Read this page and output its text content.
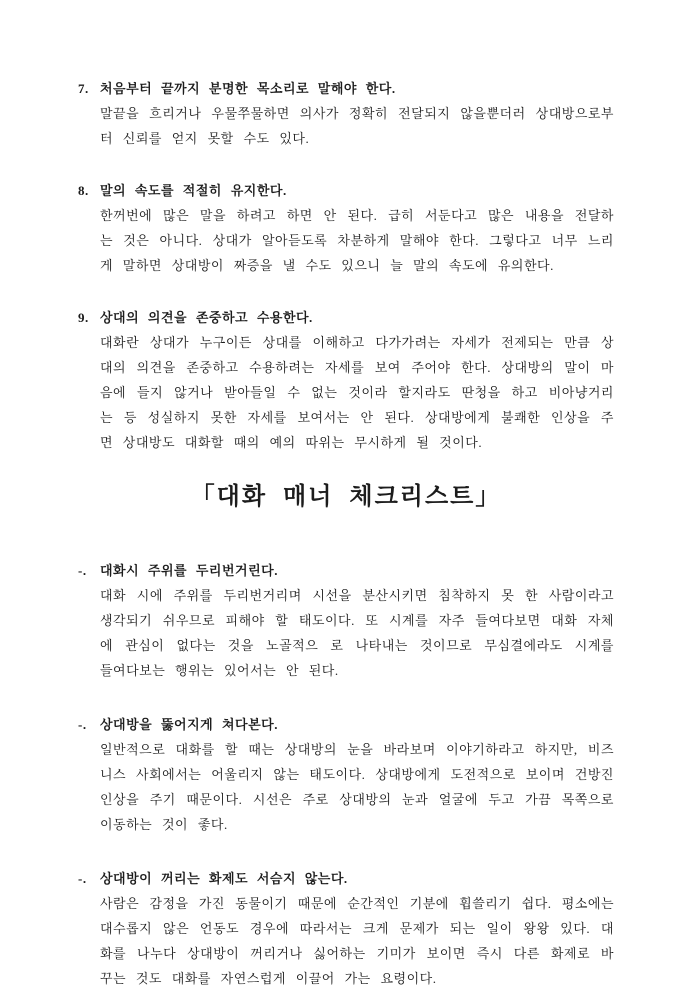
7. 처음부터 끝까지 분명한 목소리로 말해야 한다.

말끝을 흐리거나 우물쭈물하면 의사가 정확히 전달되지 않을뿐더러 상대방으로부터 신뢰를 얻지 못할 수도 있다.

8. 말의 속도를 적절히 유지한다.

한꺼번에 많은 말을 하려고 하면 안 된다. 급히 서둔다고 많은 내용을 전달하는 것은 아니다. 상대가 알아듣도록 차분하게 말해야 한다. 그렇다고 너무 느리게 말하면 상대방이 짜증을 낼 수도 있으니 늘 말의 속도에 유의한다.

9. 상대의 의견을 존중하고 수용한다.

대화란 상대가 누구이든 상대를 이해하고 다가가려는 자세가 전제되는 만큼 상대의 의견을 존중하고 수용하려는 자세를 보여 주어야 한다. 상대방의 말이 마음에 들지 않거나 받아들일 수 없는 것이라 할지라도 딴청을 하고 비아냥거리는 등 성실하지 못한 자세를 보여서는 안 된다. 상대방에게 불쾌한 인상을 주면 상대방도 대화할 때의 예의 따위는 무시하게 될 것이다.

「대화 매너 체크리스트」
-.	대화시 주위를 두리번거린다.

대화 시에 주위를 두리번거리며 시선을 분산시키면 침착하지 못 한 사람이라고 생각되기 쉬우므로 피해야 할 태도이다. 또 시계를 자주 들여다보면 대화 자체에 관심이 없다는 것을 노골적으 로 나타내는 것이므로 무심결에라도 시계를 들여다보는 행위는 있어서는 안 된다.

-.	상대방을 뚫어지게 쳐다본다.

일반적으로 대화를 할 때는 상대방의 눈을 바라보며 이야기하라고 하지만, 비즈니스 사회에서는 어울리지 않는 태도이다. 상대방에게 도전적으로 보이며 건방진 인상을 주기 때문이다. 시선은 주로 상대방의 눈과 얼굴에 두고 가끔 목쪽으로 이동하는 것이 좋다.

-.	상대방이 꺼리는 화제도 서슴지 않는다.

사람은 감정을 가진 동물이기 때문에 순간적인 기분에 휩쓸리기 쉽다. 평소에는 대수롭지 않은 언동도 경우에 따라서는 크게 문제가 되는 일이 왕왕 있다. 대화를 나누다 상대방이 꺼리거나 싫어하는 기미가 보이면 즉시 다른 화제로 바꾸는 것도 대화를 자연스럽게 이끌어 가는 요령이다.
